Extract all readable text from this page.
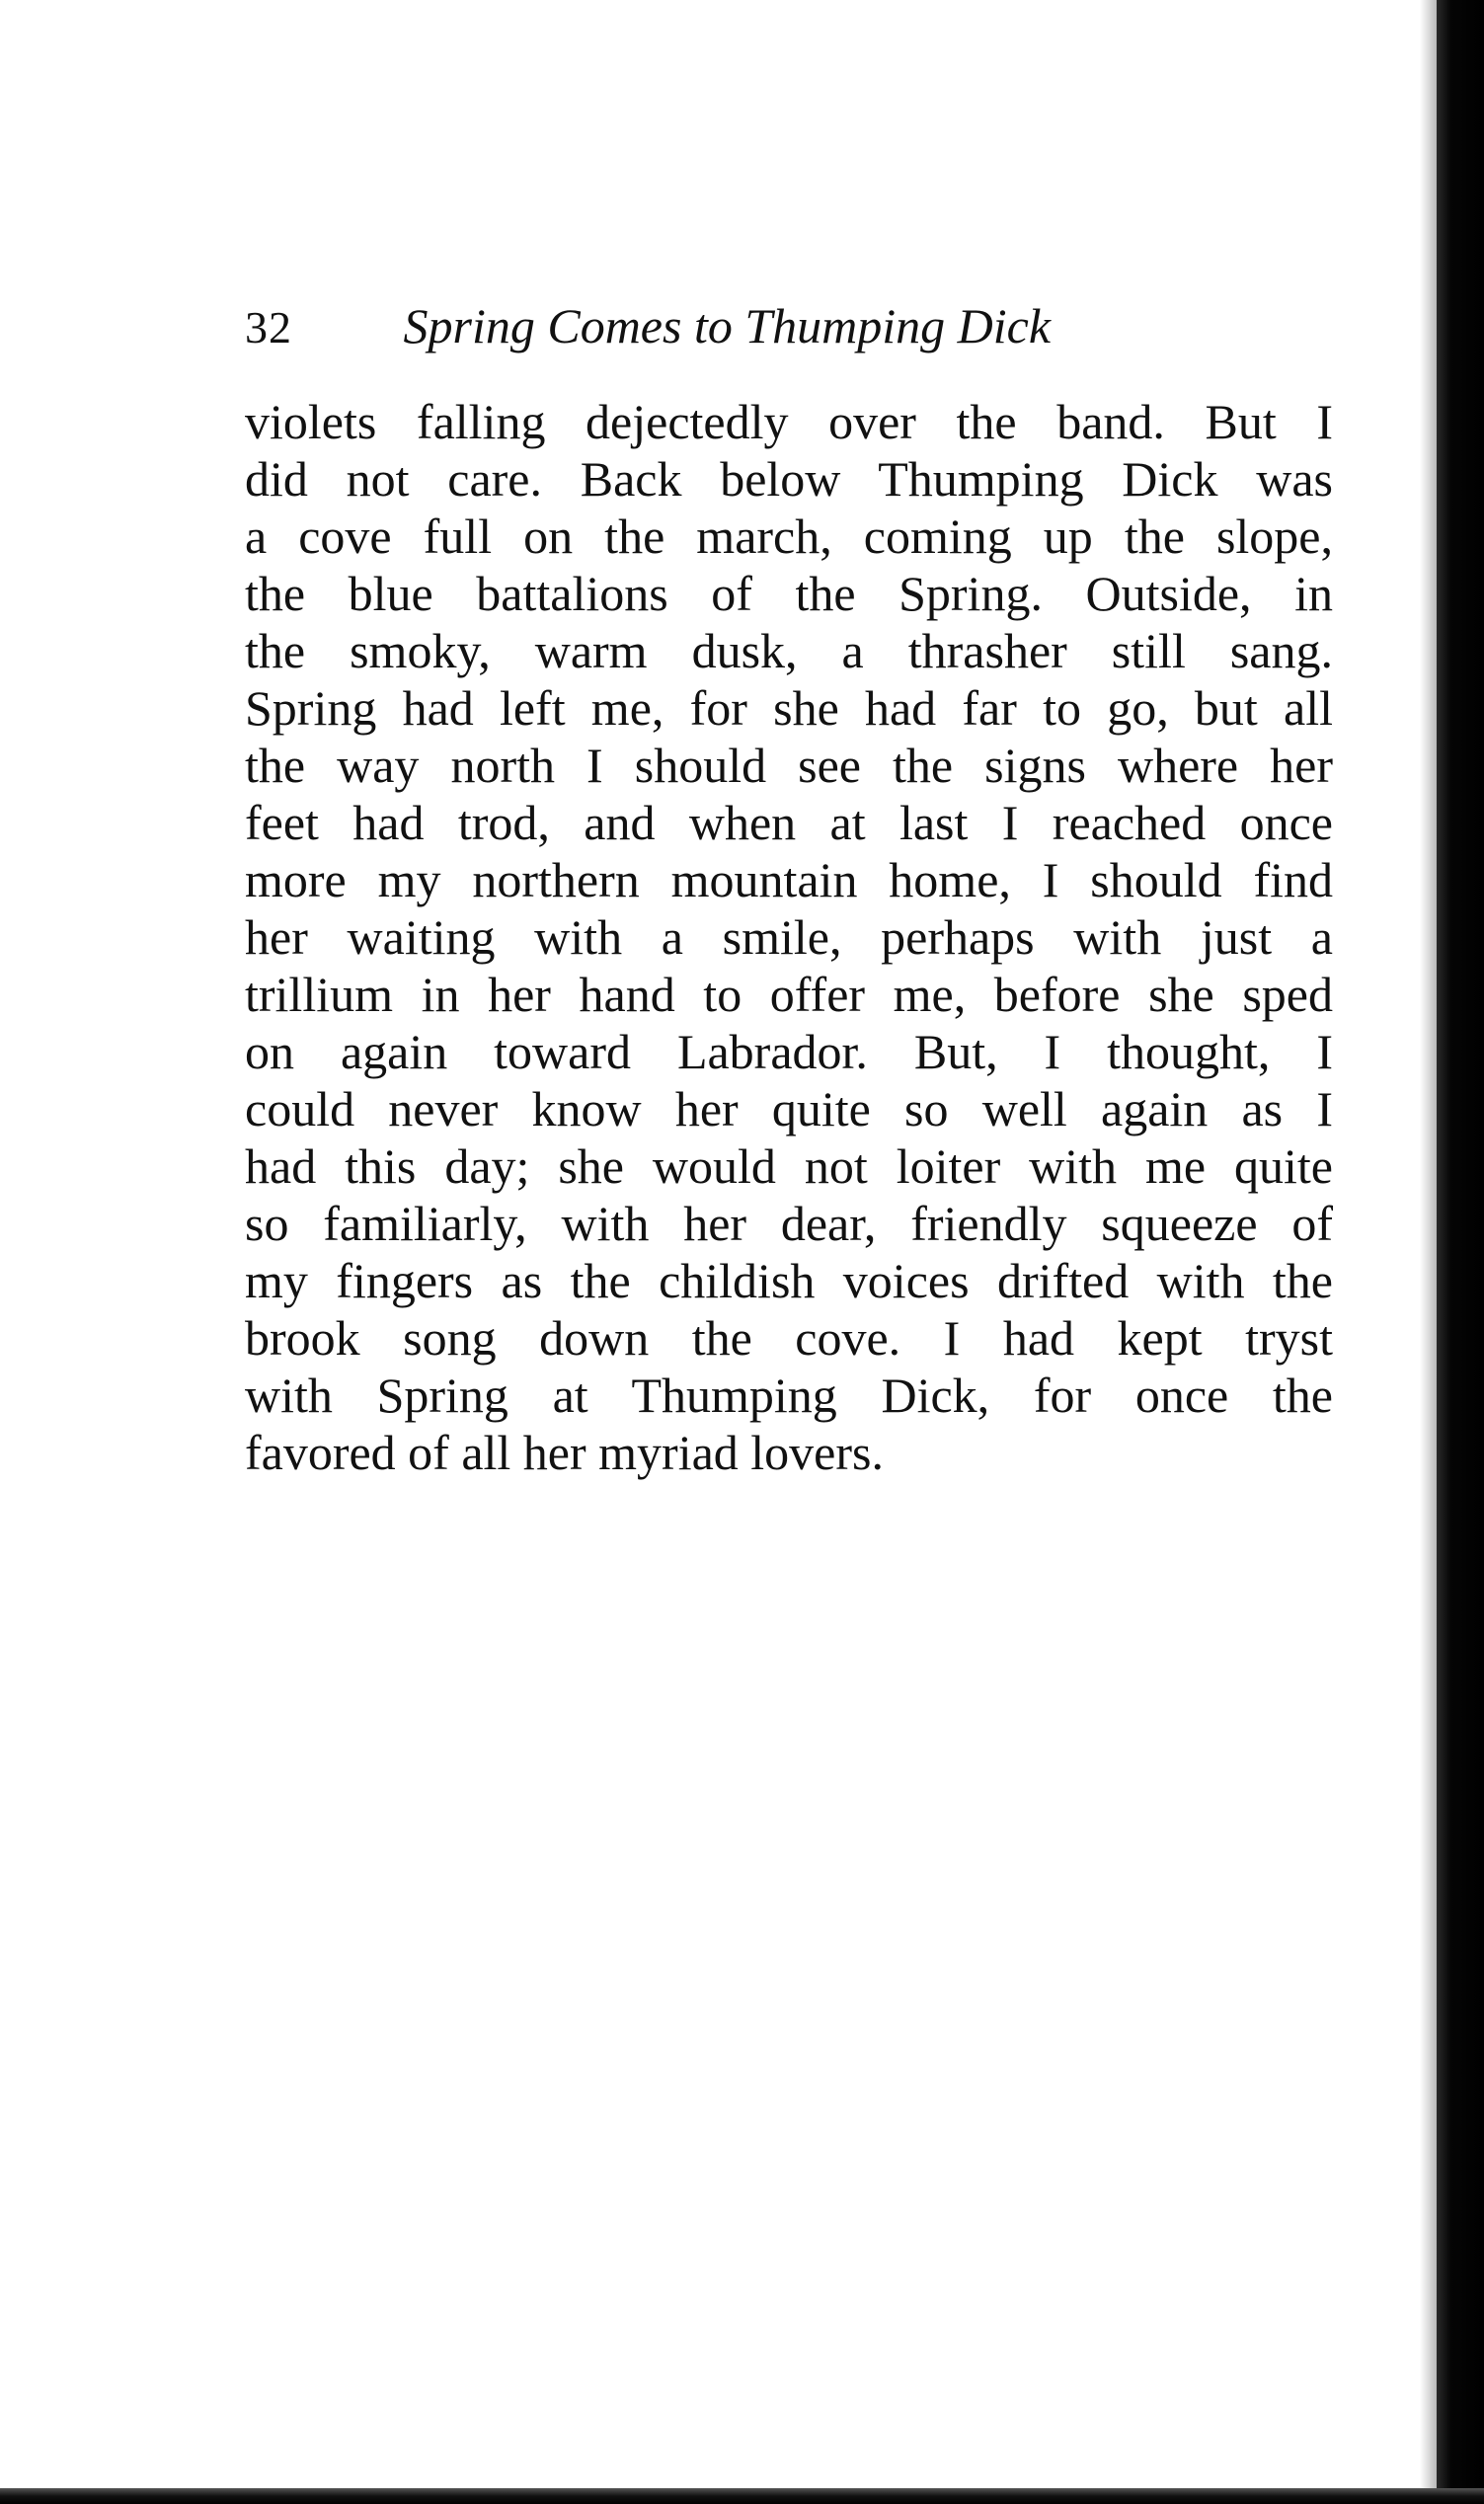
32 Spring Comes to Thumping Dick
violets falling dejectedly over the band. But I
did not care. Back below Thumping Dick was
a cove full on the march, coming up the slope,
the blue battalions of the Spring. Outside, in
the smoky, warm dusk, a thrasher still sang.
Spring had left me, for she had far to go, but all
the way north I should see the signs where her
feet had trod, and when at last I reached once
more my northern mountain home, I should find
her waiting with a smile, perhaps with just a
trillium in her hand to offer me, before she sped
on again toward Labrador. But, I thought, I
could never know her quite so well again as I
had this day; she would not loiter with me quite
so familiarly, with her dear, friendly squeeze of
my fingers as the childish voices drifted with the
brook song down the cove. I had kept tryst
with Spring at Thumping Dick, for once the
favored of all her myriad lovers.
